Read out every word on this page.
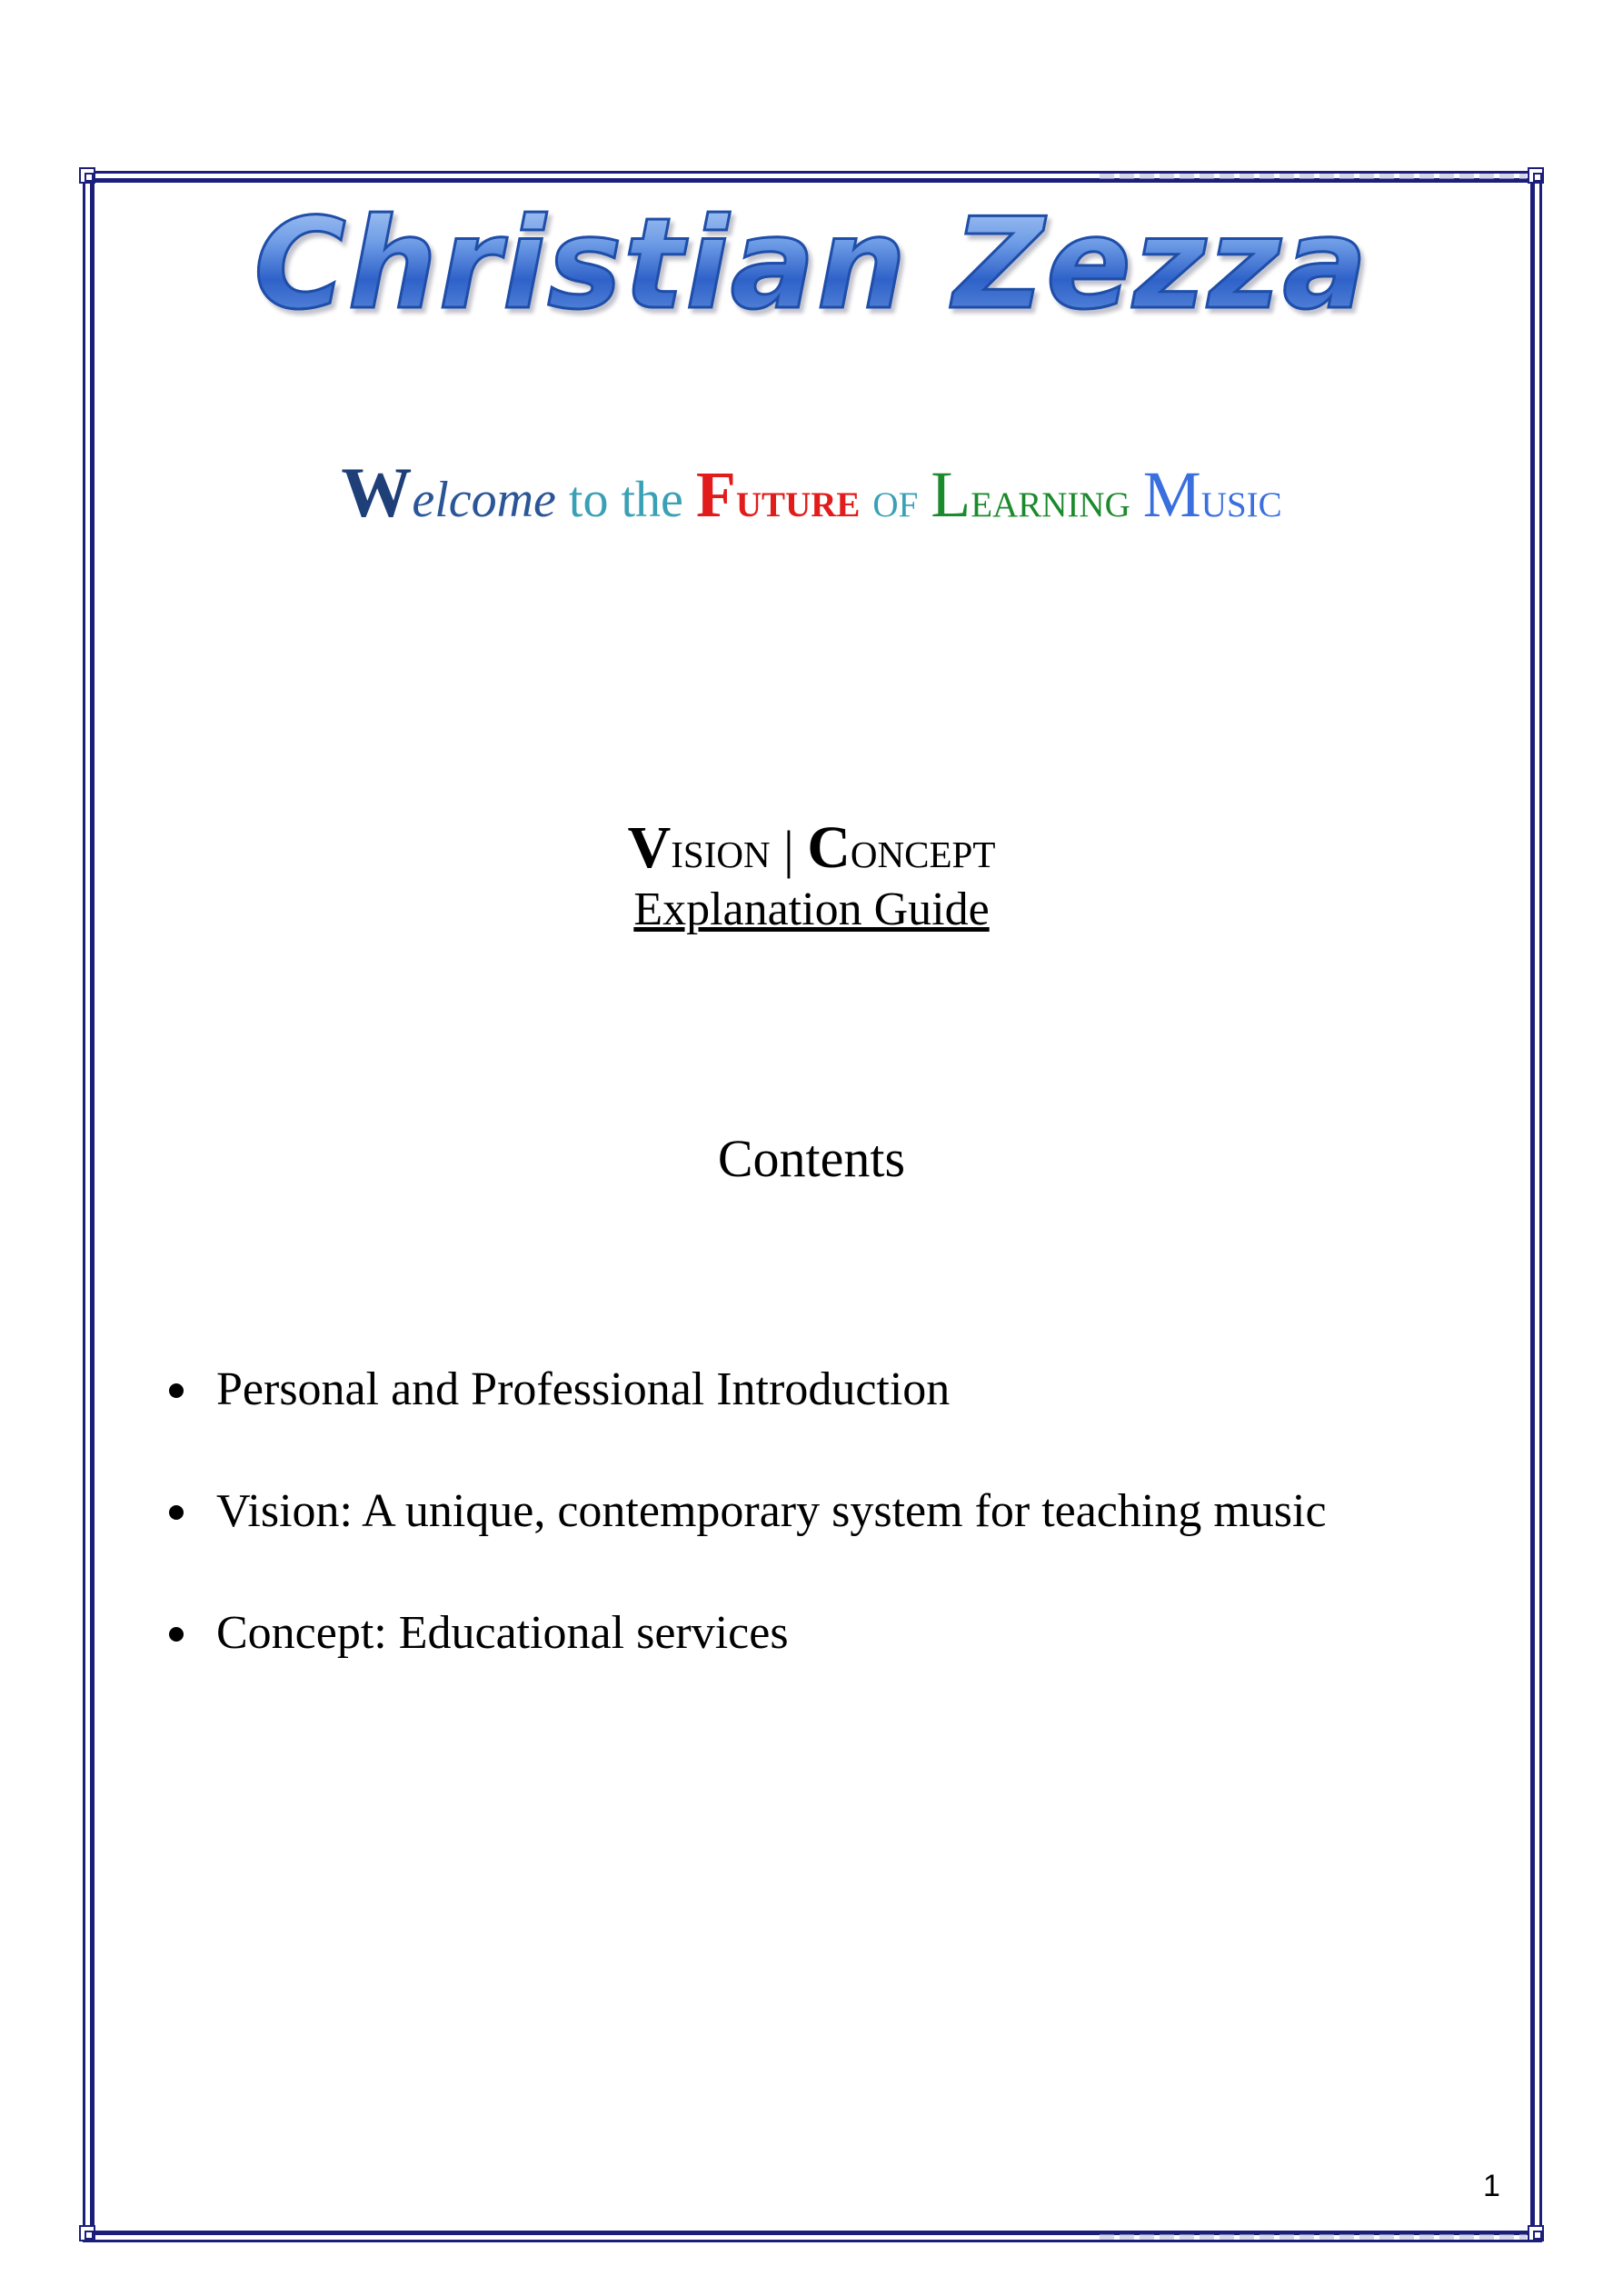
Christian Zezza
Welcome to the Future of Learning Music
Vision | Concept
Explanation Guide
Contents
Personal and Professional Introduction
Vision: A unique, contemporary system for teaching music
Concept: Educational services
1
